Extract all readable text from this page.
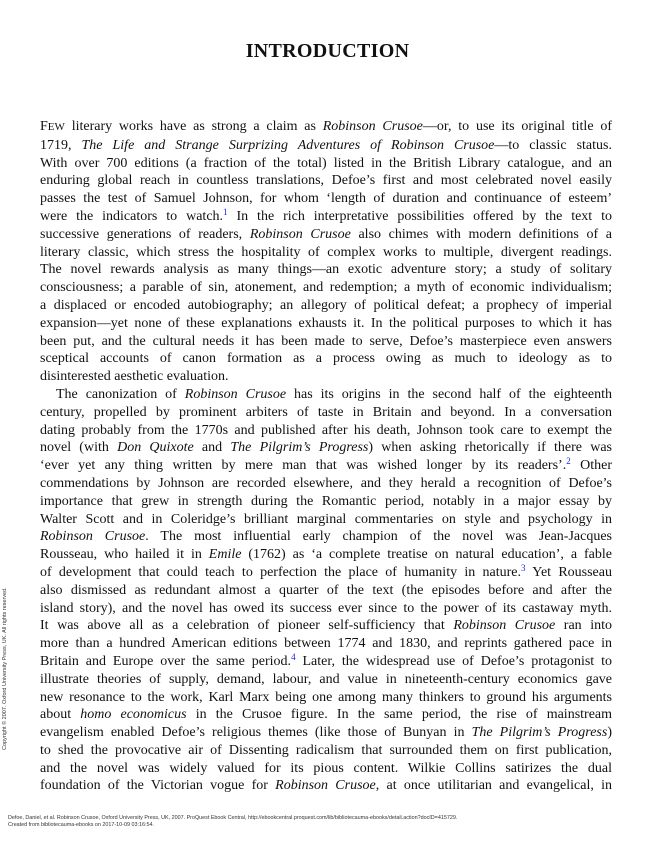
INTRODUCTION
FEW literary works have as strong a claim as Robinson Crusoe—or, to use its original title of
1719, The Life and Strange Surprizing Adventures of Robinson Crusoe—to classic status.
With over 700 editions (a fraction of the total) listed in the British Library catalogue, and an
enduring global reach in countless translations, Defoe’s first and most celebrated novel easily
passes the test of Samuel Johnson, for whom ‘length of duration and continuance of esteem’
were the indicators to watch.$^1$ In the rich interpretative possibilities offered by the text to
successive generations of readers, Robinson Crusoe also chimes with modern definitions of a
literary classic, which stress the hospitality of complex works to multiple, divergent readings.
The novel rewards analysis as many things—an exotic adventure story; a study of solitary
consciousness; a parable of sin, atonement, and redemption; a myth of economic individualism;
a displaced or encoded autobiography; an allegory of political defeat; a prophecy of imperial
expansion—yet none of these explanations exhausts it. In the political purposes to which it has
been put, and the cultural needs it has been made to serve, Defoe’s masterpiece even answers
sceptical accounts of canon formation as a process owing as much to ideology as to
disinterested aesthetic evaluation.
The canonization of Robinson Crusoe has its origins in the second half of the eighteenth
century, propelled by prominent arbiters of taste in Britain and beyond. In a conversation
dating probably from the 1770s and published after his death, Johnson took care to exempt the
novel (with Don Quixote and The Pilgrim’s Progress) when asking rhetorically if there was
‘ever yet any thing written by mere man that was wished longer by its readers’.$^2$ Other
commendations by Johnson are recorded elsewhere, and they herald a recognition of Defoe’s
importance that grew in strength during the Romantic period, notably in a major essay by
Walter Scott and in Coleridge’s brilliant marginal commentaries on style and psychology in
Robinson Crusoe. The most influential early champion of the novel was Jean-Jacques
Rousseau, who hailed it in Emile (1762) as ‘a complete treatise on natural education’, a fable
of development that could teach to perfection the place of humanity in nature.$^3$ Yet Rousseau
also dismissed as redundant almost a quarter of the text (the episodes before and after the
island story), and the novel has owed its success ever since to the power of its castaway myth.
It was above all as a celebration of pioneer self-sufficiency that Robinson Crusoe ran into
more than a hundred American editions between 1774 and 1830, and reprints gathered pace in
Britain and Europe over the same period.$^4$ Later, the widespread use of Defoe’s protagonist to
illustrate theories of supply, demand, labour, and value in nineteenth-century economics gave
new resonance to the work, Karl Marx being one among many thinkers to ground his arguments
about homo economicus in the Crusoe figure. In the same period, the rise of mainstream
evangelism enabled Defoe’s religious themes (like those of Bunyan in The Pilgrim’s Progress)
to shed the provocative air of Dissenting radicalism that surrounded them on first publication,
and the novel was widely valued for its pious content. Wilkie Collins satirizes the dual
foundation of the Victorian vogue for Robinson Crusoe, at once utilitarian and evangelical, in
Copyright © 2007. Oxford University Press, UK. All rights reserved.
Defoe, Daniel, et al. Robinson Crusoe, Oxford University Press, UK, 2007. ProQuest Ebook Central, http://ebookcentral.proquest.com/lib/bibliotecauma-ebooks/detail.action?docID=415729.
Created from bibliotecauma-ebooks on 2017-10-09 03:16:54.
